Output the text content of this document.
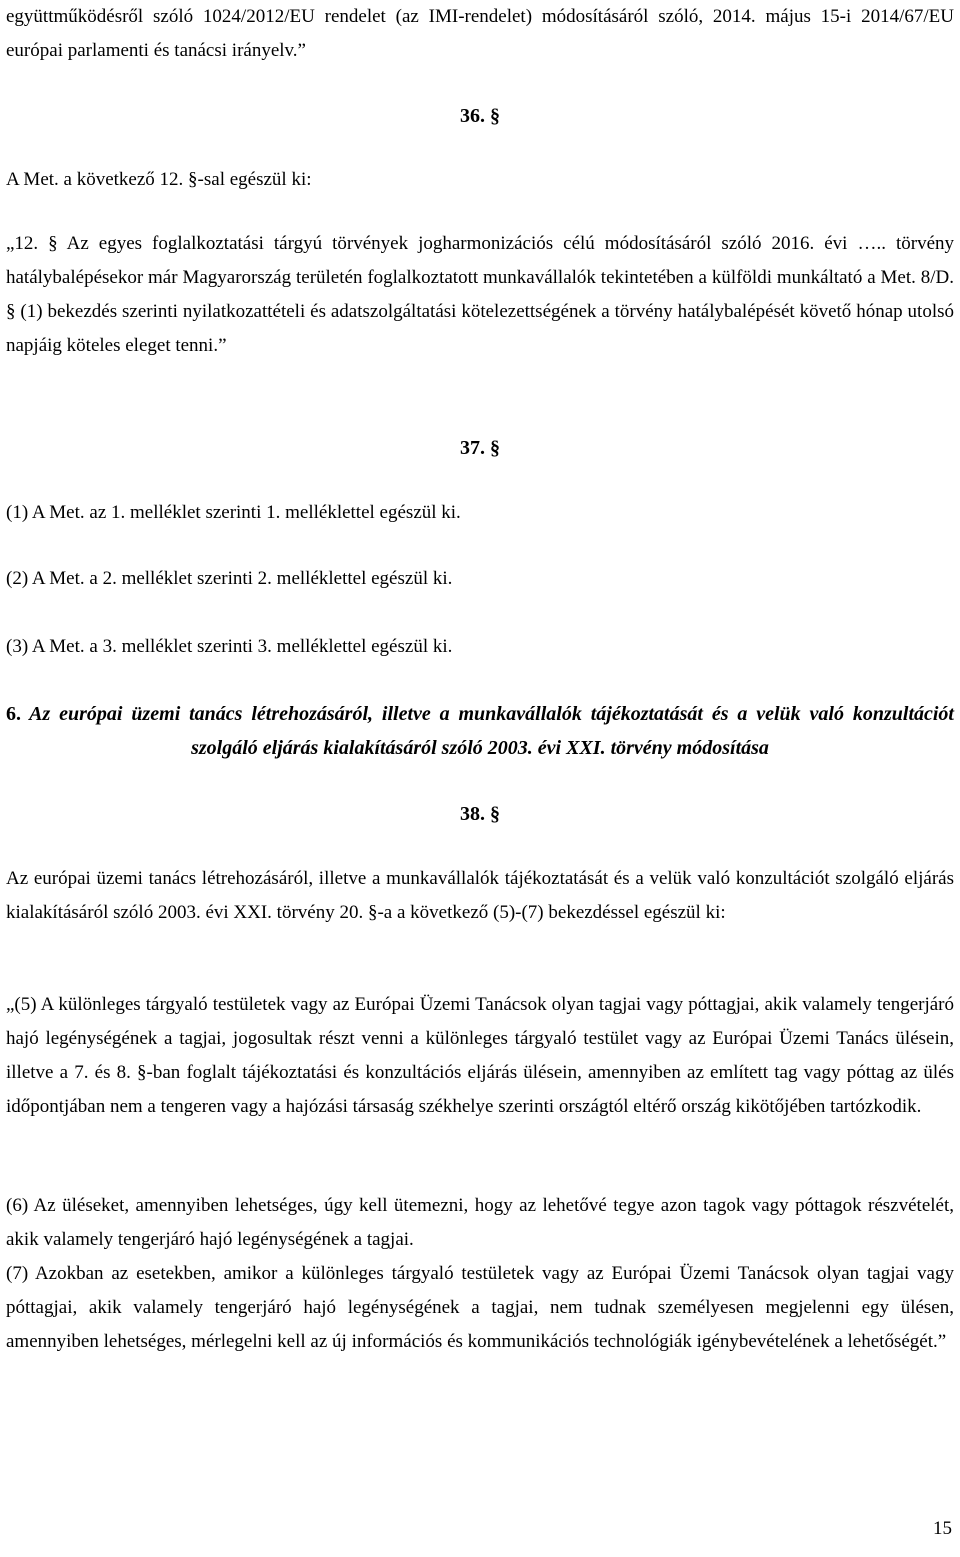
együttműködésről szóló 1024/2012/EU rendelet (az IMI-rendelet) módosításáról szóló, 2014. május 15-i 2014/67/EU európai parlamenti és tanácsi irányelv.”

36. §

A Met. a következő 12. §-sal egészül ki:

„12. § Az egyes foglalkoztatási tárgyú törvények jogharmonizációs célú módosításáról szóló 2016. évi ….. törvény hatálybalépésekor már Magyarország területén foglalkoztatott munkavállalók tekintetében a külföldi munkáltató a Met. 8/D. § (1) bekezdés szerinti nyilatkozattételi és adatszolgáltatási kötelezettségének a törvény hatálybalépését követő hónap utolsó napjáig köteles eleget tenni.”

37. §

(1) A Met. az 1. melléklet szerinti 1. melléklettel egészül ki.

(2) A Met. a 2. melléklet szerinti 2. melléklettel egészül ki.

(3) A Met. a 3. melléklet szerinti 3. melléklettel egészül ki.

6. Az európai üzemi tanács létrehozásáról, illetve a munkavállalók tájékoztatását és a velük való konzultációt szolgáló eljárás kialakításáról szóló 2003. évi XXI. törvény módosítása

38. §

Az európai üzemi tanács létrehozásáról, illetve a munkavállalók tájékoztatását és a velük való konzultációt szolgáló eljárás kialakításáról szóló 2003. évi XXI. törvény 20. §-a a következő (5)-(7) bekezdéssel egészül ki:

„(5) A különleges tárgyaló testületek vagy az Európai Üzemi Tanácsok olyan tagjai vagy póttagjai, akik valamely tengerjáró hajó legénységének a tagjai, jogosultak részt venni a különleges tárgyaló testület vagy az Európai Üzemi Tanács ülésein, illetve a 7. és 8. §-ban foglalt tájékoztatási és konzultációs eljárás ülésein, amennyiben az említett tag vagy póttag az ülés időpontjában nem a tengeren vagy a hajózási társaság székhelye szerinti országtól eltérő ország kikötőjében tartózkodik.

(6) Az üléseket, amennyiben lehetséges, úgy kell ütemezni, hogy az lehetővé tegye azon tagok vagy póttagok részvételét, akik valamely tengerjáró hajó legénységének a tagjai.

(7) Azokban az esetekben, amikor a különleges tárgyaló testületek vagy az Európai Üzemi Tanácsok olyan tagjai vagy póttagjai, akik valamely tengerjáró hajó legénységének a tagjai, nem tudnak személyesen megjelenni egy ülésen, amennyiben lehetséges, mérlegelni kell az új információs és kommunikációs technológiák igénybevételének a lehetőségét.”

15
